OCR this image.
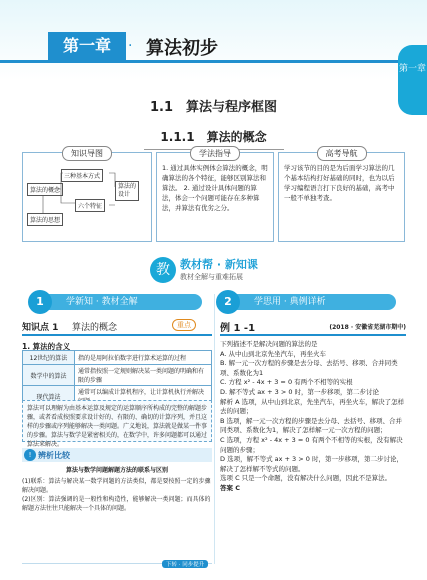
第一章	· 算法初步
第一章
1.1　算法与程序框图
1.1.1　算法的概念
知识导图
三种基本方式
算法的概念
六个特征
算法的设计
算法的思想
学法指导
1. 通过具体实例体会算法的概念，明确算法的各个特征，能够区别算法和算法。 2. 通过设计具体问题的算法，体会一个问题可能存在多种算法，并算法有优劣之分。
高考导航
学习该节的目的是为后面学习算法的几个基本结构打好基础的同时，也为以后学习编程语言打下良好的基础，高考中一般不单独考查。
教 教材帮 · 新知课
教材全解与重难拓展
1	学新知 · 教材全解	2	学思用 · 典例详析
知识点 1 算法的概念	重点
1. 算法的含义
12世纪的算法	指的是用阿拉伯数字进行算术运算的过程
数学中的算法	通常指按照一定规则解决某一类问题的明确和有限的步骤
现代算法	通常可以编成计算机程序，让计算机执行并解决
算法可以理解为由基本运算及规定的运算顺序所构成的完整的解题步骤，或者看成按照要求设计好的、有限的、确切的计算序列，并且这样的步骤或序列能够解决一类问题。广义地说，算法就是做某一件事的步骤。算法与数学是紧密相关的，在数学中，许多问题都可以通过算法来解决。
! 辨析比较
算法与数学问题解题方法的联系与区别
(1)联系：算法与解决某一数学问题的方法类似，都是要按照一定的步骤解决问题。
(2)区别：算法强调的是一般性和构造性，能够解决一类问题；而具体的解题方法往往只能解决一个具体的问题。
下转 · 同步提升
例 1 -1	(2018 · 安徽省芜湖市期中)

下列描述不是解决问题的算法的是

A. 从中山到北京先坐汽车，再坐火车

B. 解一元一次方程的步骤是去分母、去括号、移项、合并同类项、系数化为1

C. 方程 x² - 4x + 3 = 0 有两个不相等的实根

D. 解不等式 ax + 3 > 0 时，第一步移项，第二步讨论

解析 A 选项，从中山到北京，先坐汽车，再坐火车，解决了怎样去的问题；

B 选项，解一元一次方程的步骤是去分母、去括号、移项、合并同类项、系数化为1，解决了怎样解一元一次方程的问题；

C 选项，方程 x² - 4x + 3 = 0 有两个不相等的实根，没有解决问题的步骤；

D 选项，解不等式 ax + 3 > 0 时，第一步移项，第二步讨论，解决了怎样解不等式的问题。

选项 C 只是一个命题，没有解决什么问题，因此不是算法。

答案 C
